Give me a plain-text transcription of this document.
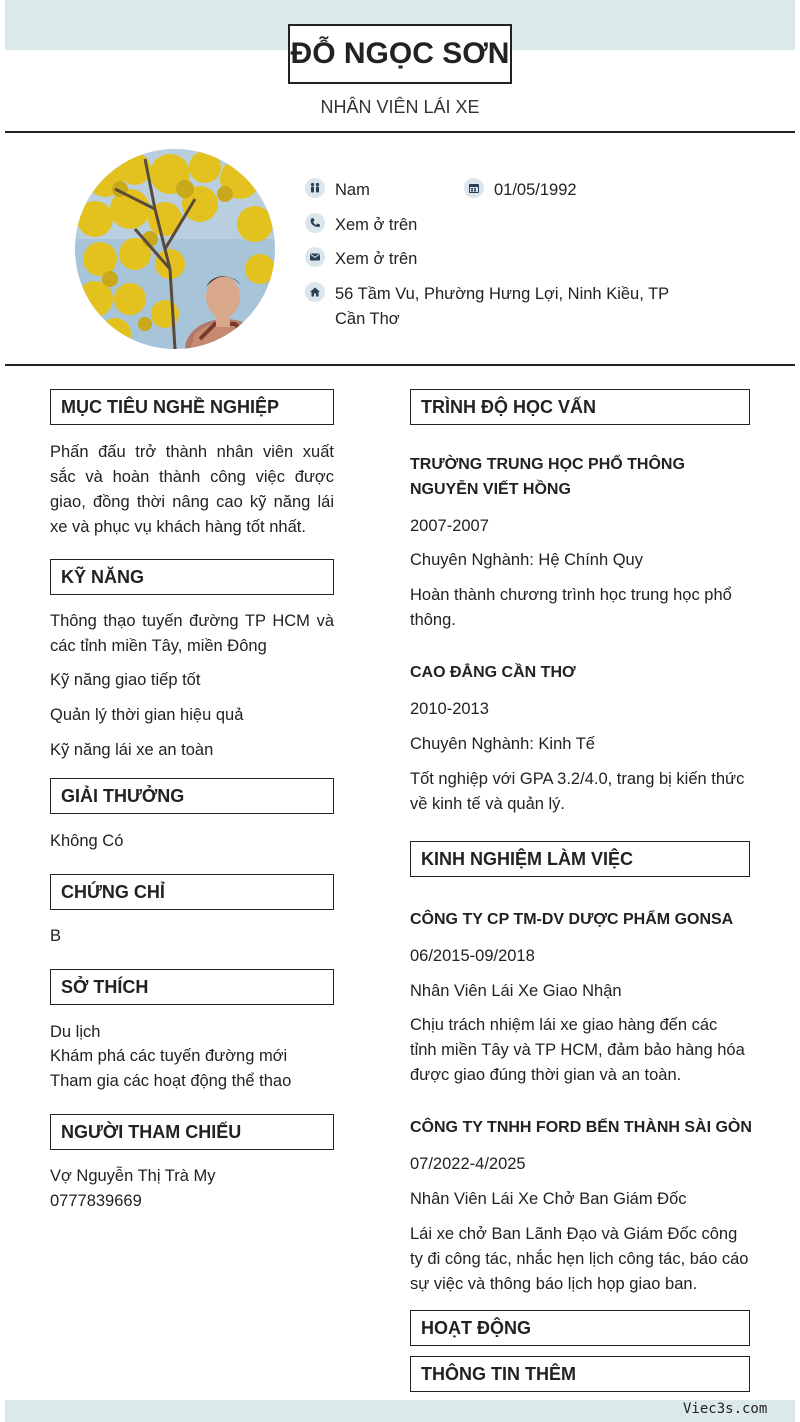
ĐỖ NGỌC SƠN
NHÂN VIÊN LÁI XE
Nam	01/05/1992
Xem ở trên
Xem ở trên
56 Tầm Vu, Phường Hưng Lợi, Ninh Kiều, TP Cần Thơ
MỤC TIÊU NGHỀ NGHIỆP
Phấn đấu trở thành nhân viên xuất sắc và hoàn thành công việc được giao, đồng thời nâng cao kỹ năng lái xe và phục vụ khách hàng tốt nhất.
KỸ NĂNG
Thông thạo tuyến đường TP HCM và các tỉnh miền Tây, miền Đông
Kỹ năng giao tiếp tốt
Quản lý thời gian hiệu quả
Kỹ năng lái xe an toàn
GIẢI THƯỞNG
Không Có
CHỨNG CHỈ
B
SỞ THÍCH
Du lịch
Khám phá các tuyến đường mới
Tham gia các hoạt động thể thao
NGƯỜI THAM CHIẾU
Vợ Nguyễn Thị Trà My
0777839669
TRÌNH ĐỘ HỌC VẤN
TRƯỜNG TRUNG HỌC PHỔ THÔNG NGUYỄN VIẾT HỒNG
2007-2007
Chuyên Nghành: Hệ Chính Quy
Hoàn thành chương trình học trung học phổ thông.
CAO ĐẲNG CẦN THƠ
2010-2013
Chuyên Nghành: Kinh Tế
Tốt nghiệp với GPA 3.2/4.0, trang bị kiến thức về kinh tế và quản lý.
KINH NGHIỆM LÀM VIỆC
CÔNG TY CP TM-DV DƯỢC PHẨM GONSA
06/2015-09/2018
Nhân Viên Lái Xe Giao Nhận
Chịu trách nhiệm lái xe giao hàng đến các tỉnh miền Tây và TP HCM, đảm bảo hàng hóa được giao đúng thời gian và an toàn.
CÔNG TY TNHH FORD BẾN THÀNH SÀI GÒN
07/2022-4/2025
Nhân Viên Lái Xe Chở Ban Giám Đốc
Lái xe chở Ban Lãnh Đạo và Giám Đốc công ty đi công tác, nhắc hẹn lịch công tác, báo cáo sự việc và thông báo lịch họp giao ban.
HOẠT ĐỘNG
THÔNG TIN THÊM
Viec3s.com
